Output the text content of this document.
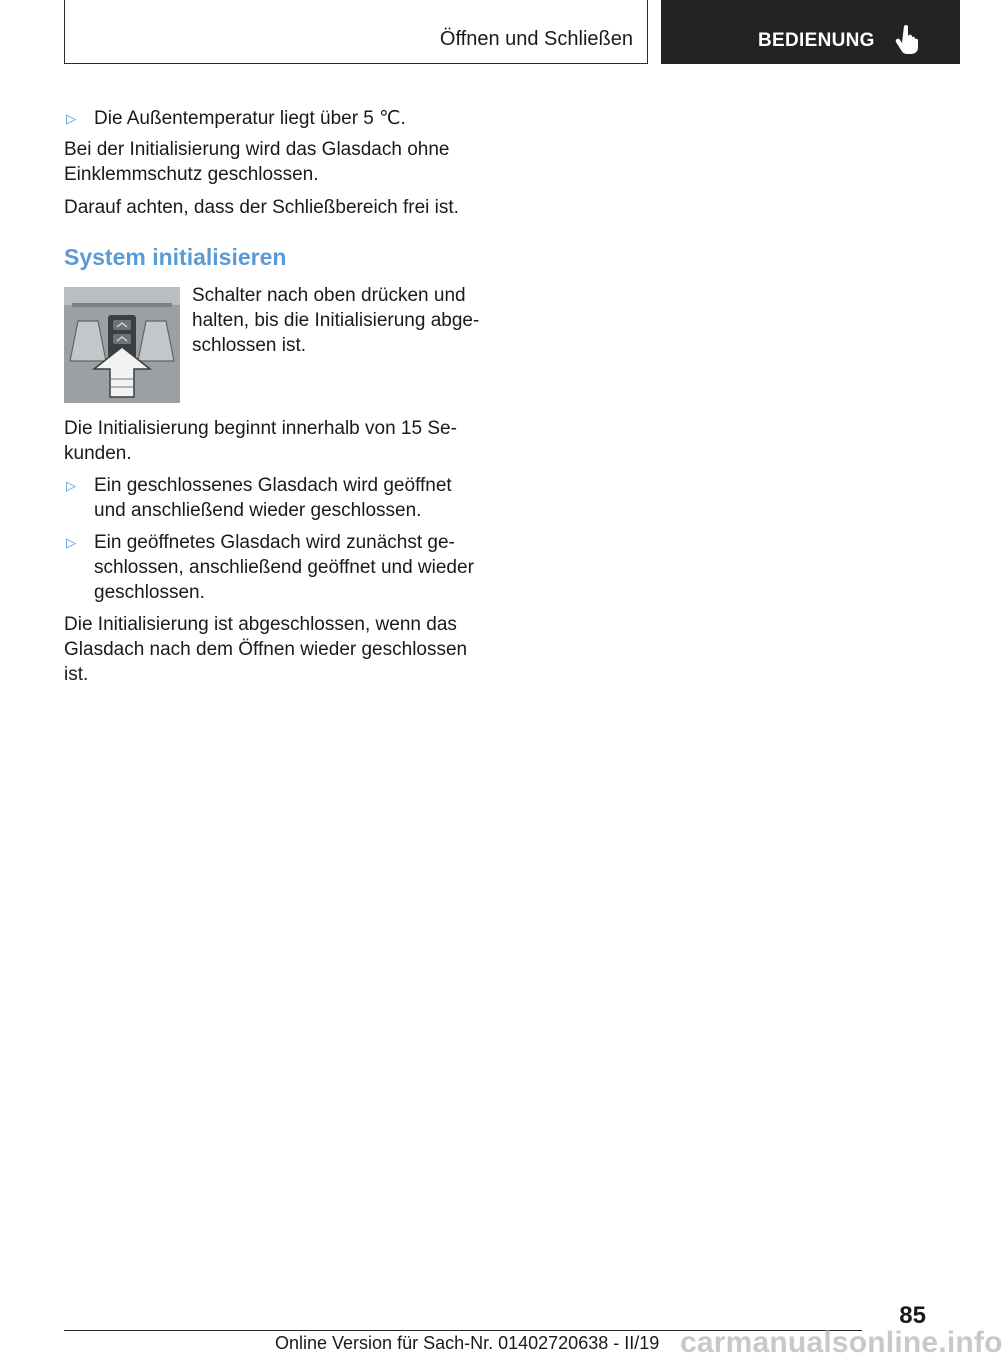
Öffnen und Schließen	BEDIENUNG
▷ Die Außentemperatur liegt über 5 ℃.
Bei der Initialisierung wird das Glasdach ohne
Einklemmschutz geschlossen.
Darauf achten, dass der Schließbereich frei ist.
System initialisieren
Schalter nach oben drücken und
halten, bis die Initialisierung abge‐
schlossen ist.
Die Initialisierung beginnt innerhalb von 15 Se‐
kunden.
▷ Ein geschlossenes Glasdach wird geöffnet
und anschließend wieder geschlossen.
▷ Ein geöffnetes Glasdach wird zunächst ge‐
schlossen, anschließend geöffnet und wieder
geschlossen.
Die Initialisierung ist abgeschlossen, wenn das
Glasdach nach dem Öffnen wieder geschlossen
ist.
85
Online Version für Sach-Nr. 01402720638 - II/19 carmanualsonline.info
